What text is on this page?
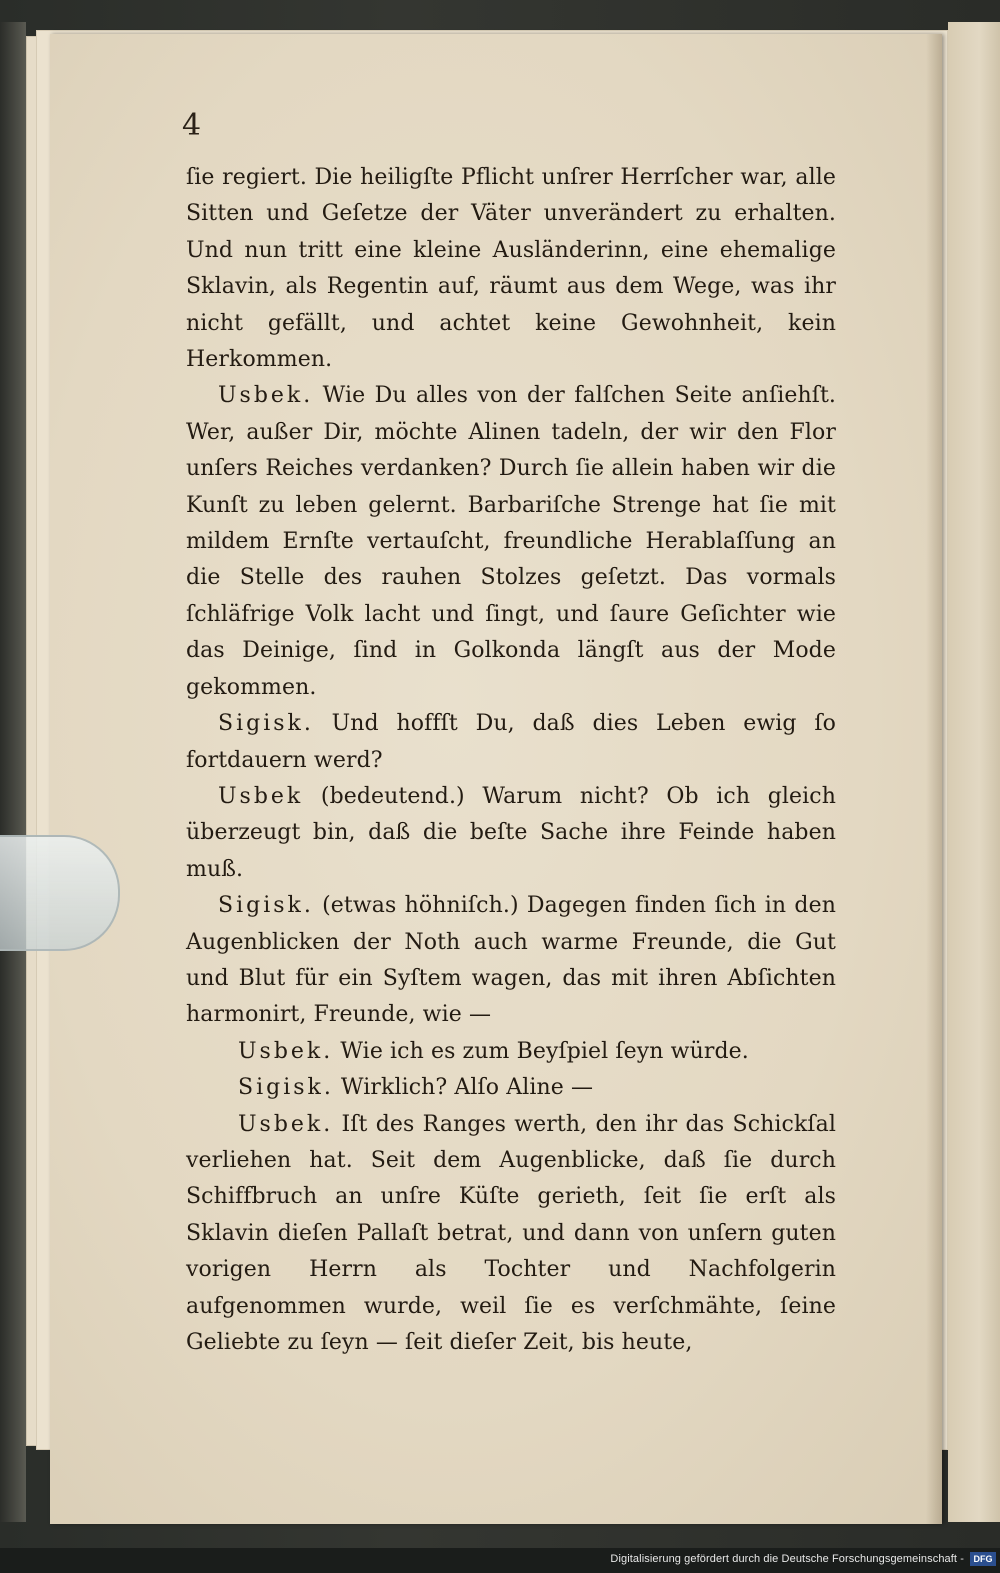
4

ſie regiert. Die heiligſte Pflicht unſrer Herrſcher war, alle Sitten und Geſetze der Väter unverändert zu erhalten. Und nun tritt eine kleine Ausländerinn, eine ehemalige Sklavin, als Regentin auf, räumt aus dem Wege, was ihr nicht gefällt, und achtet keine Gewohnheit, kein Herkommen.

Usbek. Wie Du alles von der falſchen Seite anſiehſt. Wer, außer Dir, möchte Alinen tadeln, der wir den Flor unſers Reiches verdanken? Durch ſie allein haben wir die Kunſt zu leben gelernt. Barbariſche Strenge hat ſie mit mildem Ernſte vertauſcht, freundliche Herablaſſung an die Stelle des rauhen Stolzes geſetzt. Das vormals ſchläfrige Volk lacht und ſingt, und ſaure Geſichter wie das Deinige, ſind in Golkonda längſt aus der Mode gekommen.

Sigisk. Und hoffſt Du, daß dies Leben ewig ſo fortdauern werd?

Usbek (bedeutend.) Warum nicht? Ob ich gleich überzeugt bin, daß die beſte Sache ihre Feinde haben muß.

Sigisk. (etwas höhniſch.) Dagegen finden ſich in den Augenblicken der Noth auch warme Freunde, die Gut und Blut für ein Syſtem wagen, das mit ihren Abſichten harmonirt, Freunde, wie —

Usbek. Wie ich es zum Beyſpiel ſeyn würde.

Sigisk. Wirklich? Alſo Aline —

Usbek. Iſt des Ranges werth, den ihr das Schickſal verliehen hat. Seit dem Augenblicke, daß ſie durch Schiffbruch an unſre Küſte gerieth, ſeit ſie erſt als Sklavin dieſen Pallaſt betrat, und dann von unſern guten vorigen Herrn als Tochter und Nachfolgerin aufgenommen wurde, weil ſie es verſchmähte, ſeine Geliebte zu ſeyn — ſeit dieſer Zeit, bis heute,

Digitalisierung gefördert durch die Deutsche Forschungsgemeinschaft -	DFG
